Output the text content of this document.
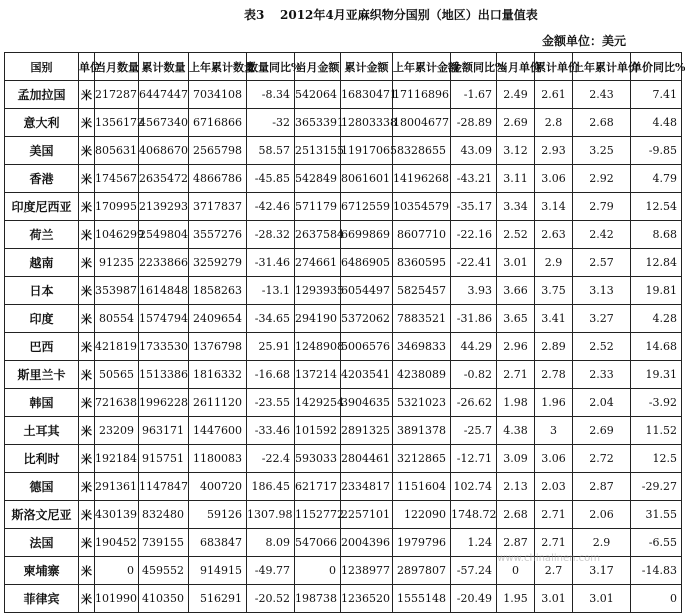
表3 2012年4月亚麻织物分国别（地区）出口量值表
金额单位：美元
国别	单位	当月数量	累计数量	上年累计数量	数量同比%	当月金额	累计金额	上年累计金额	金额同比%	当月单价	累计单价	上年累计单价	单价同比%
孟加拉国	米	217287	6447447	7034108	-8.34	542064	16830471	17116896	-1.67	2.49	2.61	2.43	7.41
意大利	米	1356172	4567340	6716866	-32	3653391	12803338	18004677	-28.89	2.69	2.8	2.68	4.48
美国	米	805631	4068670	2565798	58.57	2513155	11917065	8328655	43.09	3.12	2.93	3.25	-9.85
香港	米	174567	2635472	4866786	-45.85	542849	8061601	14196268	-43.21	3.11	3.06	2.92	4.79
印度尼西亚	米	170995	2139293	3717837	-42.46	571179	6712559	10354579	-35.17	3.34	3.14	2.79	12.54
荷兰	米	1046299	2549804	3557276	-28.32	2637584	6699869	8607710	-22.16	2.52	2.63	2.42	8.68
越南	米	91235	2233866	3259279	-31.46	274661	6486905	8360595	-22.41	3.01	2.9	2.57	12.84
日本	米	353987	1614848	1858263	-13.1	1293935	6054497	5825457	3.93	3.66	3.75	3.13	19.81
印度	米	80554	1574794	2409654	-34.65	294190	5372062	7883521	-31.86	3.65	3.41	3.27	4.28
巴西	米	421819	1733530	1376798	25.91	1248908	5006576	3469833	44.29	2.96	2.89	2.52	14.68
斯里兰卡	米	50565	1513386	1816332	-16.68	137214	4203541	4238089	-0.82	2.71	2.78	2.33	19.31
韩国	米	721638	1996228	2611120	-23.55	1429254	3904635	5321023	-26.62	1.98	1.96	2.04	-3.92
土耳其	米	23209	963171	1447600	-33.46	101592	2891325	3891378	-25.7	4.38	3	2.69	11.52
比利时	米	192184	915751	1180083	-22.4	593033	2804461	3212865	-12.71	3.09	3.06	2.72	12.5
德国	米	291361	1147847	400720	186.45	621717	2334817	1151604	102.74	2.13	2.03	2.87	-29.27
斯洛文尼亚	米	430139	832480	59126	1307.98	1152772	2257101	122090	1748.72	2.68	2.71	2.06	31.55
法国	米	190452	739155	683847	8.09	547066	2004396	1979796	1.24	2.87	2.71	2.9	-6.55
柬埔寨	米	0	459552	914915	-49.77	0	1238977	2897807	-57.24	0	2.7	3.17	-14.83
菲律宾	米	101990	410350	516291	-20.52	198738	1236520	1555148	-20.49	1.95	3.01	3.01	0
www.chinalinen.com
